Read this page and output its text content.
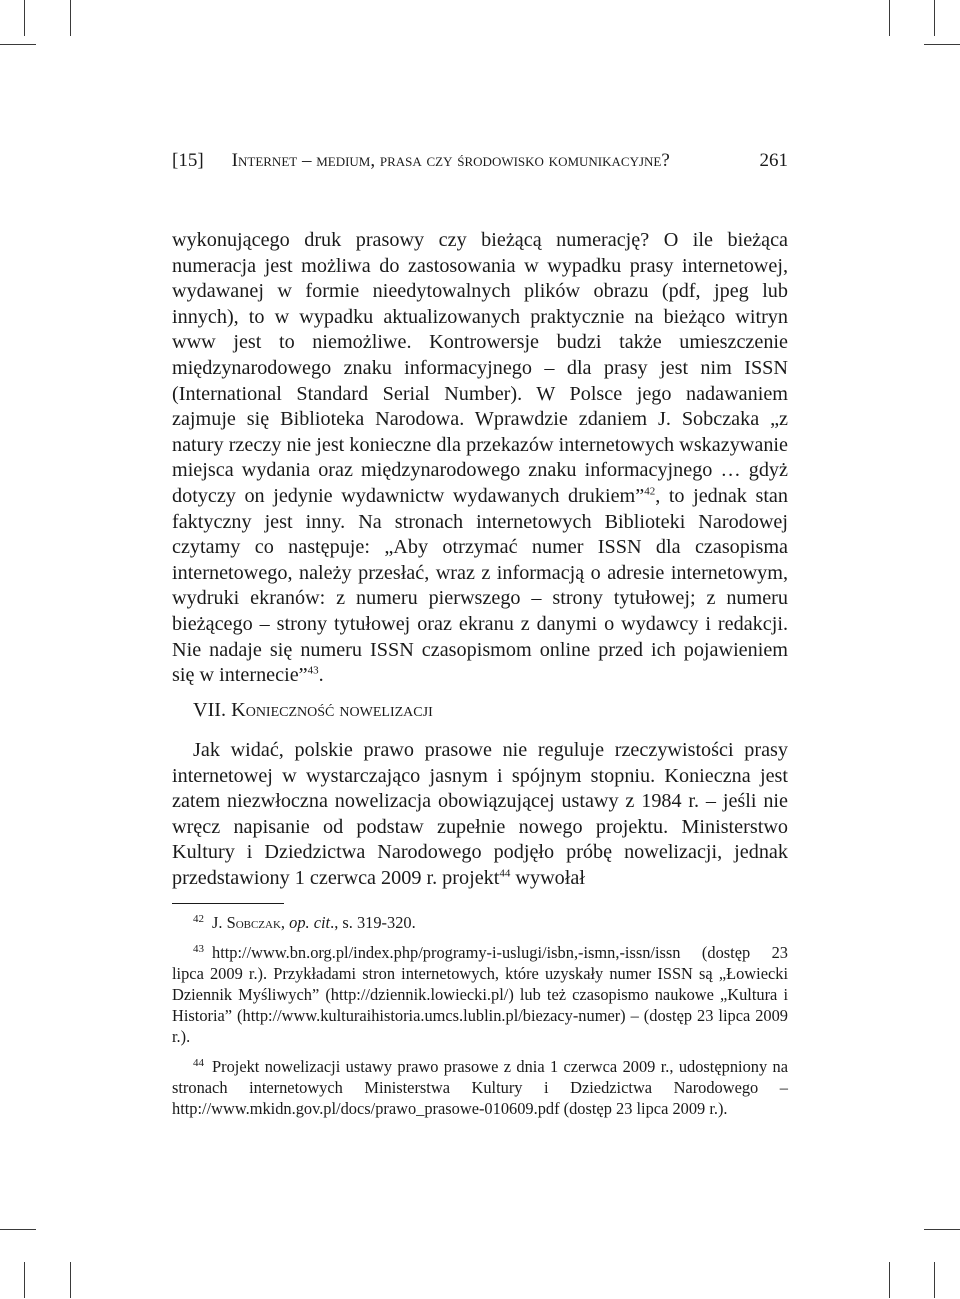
[15] Internet – medium, prasa czy środowisko komunikacyjne?	261

wykonującego druk prasowy czy bieżącą numerację? O ile bieżąca numeracja jest możliwa do zastosowania w wypadku prasy internetowej, wydawanej w formie nieedytowalnych plików obrazu (pdf, jpeg lub innych), to w wypadku aktualizowanych praktycznie na bieżąco witryn www jest to niemożliwe. Kontrowersje budzi także umieszczenie międzynarodowego znaku informacyjnego – dla prasy jest nim ISSN (International Standard Serial Number). W Polsce jego nadawaniem zajmuje się Biblioteka Narodowa. Wprawdzie zdaniem J. Sobczaka „z natury rzeczy nie jest konieczne dla przekazów internetowych wskazywanie miejsca wydania oraz międzynarodowego znaku informacyjnego … gdyż dotyczy on jedynie wydawnictw wydawanych drukiem”$^{42}$, to jednak stan faktyczny jest inny. Na stronach internetowych Biblioteki Narodowej czytamy co następuje: „Aby otrzymać numer ISSN dla czasopisma internetowego, należy przesłać, wraz z informacją o adresie internetowym, wydruki ekranów: z numeru pierwszego – strony tytułowej; z numeru bieżącego – strony tytułowej oraz ekranu z danymi o wydawcy i redakcji. Nie nadaje się numeru ISSN czasopismom online przed ich pojawieniem się w internecie”$^{43}$.

VII. Konieczność nowelizacji

Jak widać, polskie prawo prasowe nie reguluje rzeczywistości prasy internetowej w wystarczająco jasnym i spójnym stopniu. Konieczna jest zatem niezwłoczna nowelizacja obowiązującej ustawy z 1984 r. – jeśli nie wręcz napisanie od podstaw zupełnie nowego projektu. Ministerstwo Kultury i Dziedzictwa Narodowego podjęło próbę nowelizacji, jednak przedstawiony 1 czerwca 2009 r. projekt$^{44}$ wywołał

$^{42}$ J. Sobczak, op. cit., s. 319-320.

$^{43}$ http://www.bn.org.pl/index.php/programy-i-uslugi/isbn,-ismn,-issn/issn (dostęp 23 lipca 2009 r.). Przykładami stron internetowych, które uzyskały numer ISSN są „Łowiecki Dziennik Myśliwych” (http://dziennik.lowiecki.pl/) lub też czasopismo naukowe „Kultura i Historia” (http://www.kulturaihistoria.umcs.lublin.pl/biezacy-numer) – (dostęp 23 lipca 2009 r.).

$^{44}$ Projekt nowelizacji ustawy prawo prasowe z dnia 1 czerwca 2009 r., udostępniony na stronach internetowych Ministerstwa Kultury i Dziedzictwa Narodowego – http://www.mkidn.gov.pl/docs/prawo_prasowe-010609.pdf (dostęp 23 lipca 2009 r.).
